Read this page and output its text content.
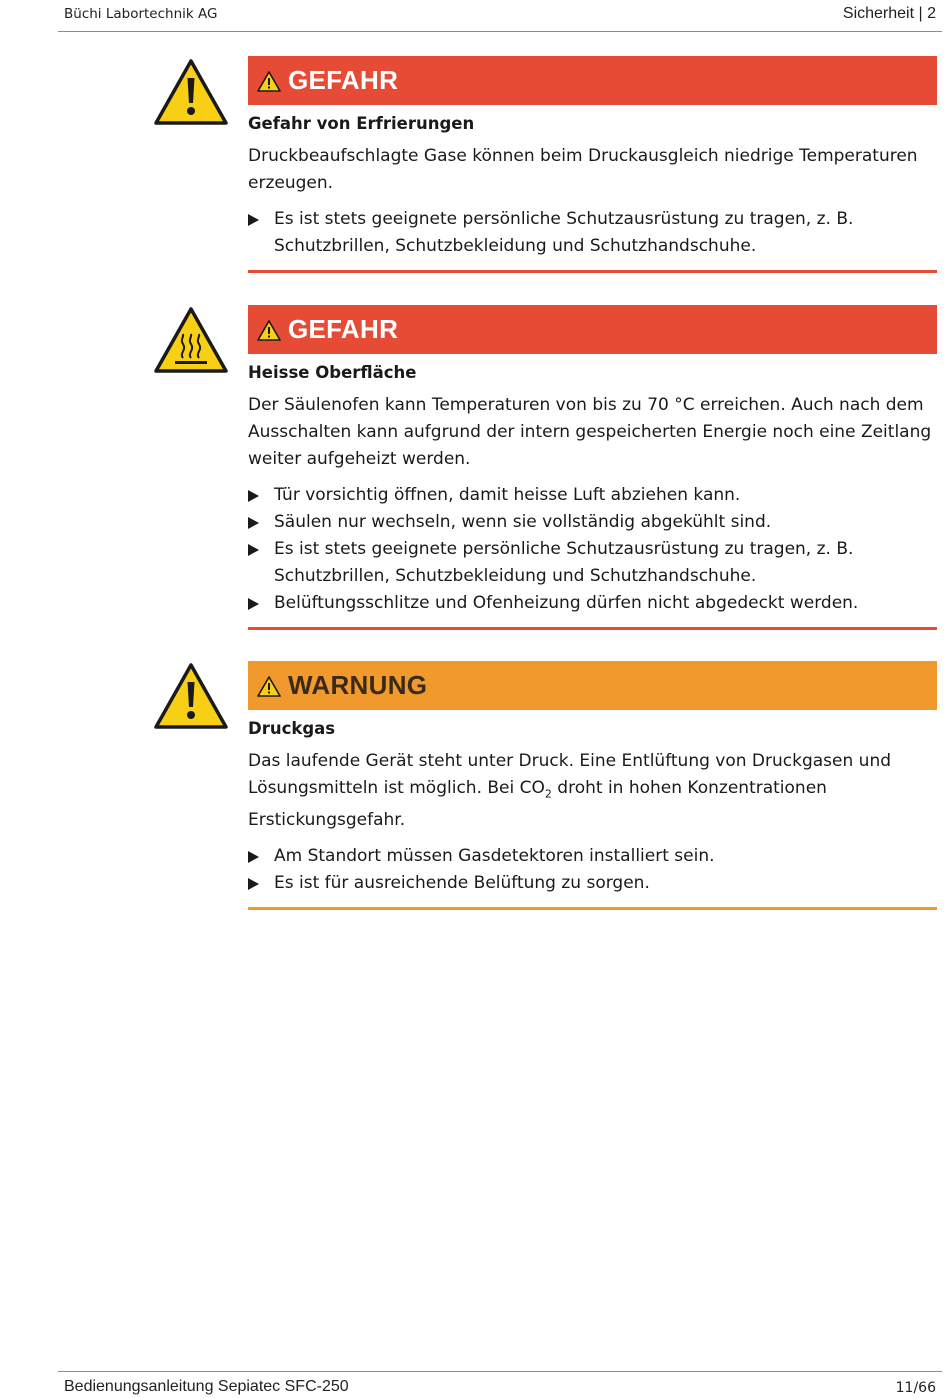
Büchi Labortechnik AG	Sicherheit | 2
GEFAHR
Gefahr von Erfrierungen
Druckbeaufschlagte Gase können beim Druckausgleich niedrige Temperaturen erzeugen.
Es ist stets geeignete persönliche Schutzausrüstung zu tragen, z. B. Schutzbrillen, Schutzbekleidung und Schutzhandschuhe.
GEFAHR
Heisse Oberfläche
Der Säulenofen kann Temperaturen von bis zu 70 °C erreichen. Auch nach dem Ausschalten kann aufgrund der intern gespeicherten Energie noch eine Zeitlang weiter aufgeheizt werden.
Tür vorsichtig öffnen, damit heisse Luft abziehen kann.
Säulen nur wechseln, wenn sie vollständig abgekühlt sind.
Es ist stets geeignete persönliche Schutzausrüstung zu tragen, z. B. Schutzbrillen, Schutzbekleidung und Schutzhandschuhe.
Belüftungsschlitze und Ofenheizung dürfen nicht abgedeckt werden.
WARNUNG
Druckgas
Das laufende Gerät steht unter Druck. Eine Entlüftung von Druckgasen und Lösungsmitteln ist möglich. Bei $CO_2$ droht in hohen Konzentrationen Erstickungsgefahr.
Am Standort müssen Gasdetektoren installiert sein.
Es ist für ausreichende Belüftung zu sorgen.
Bedienungsanleitung Sepiatec SFC-250	11/66
